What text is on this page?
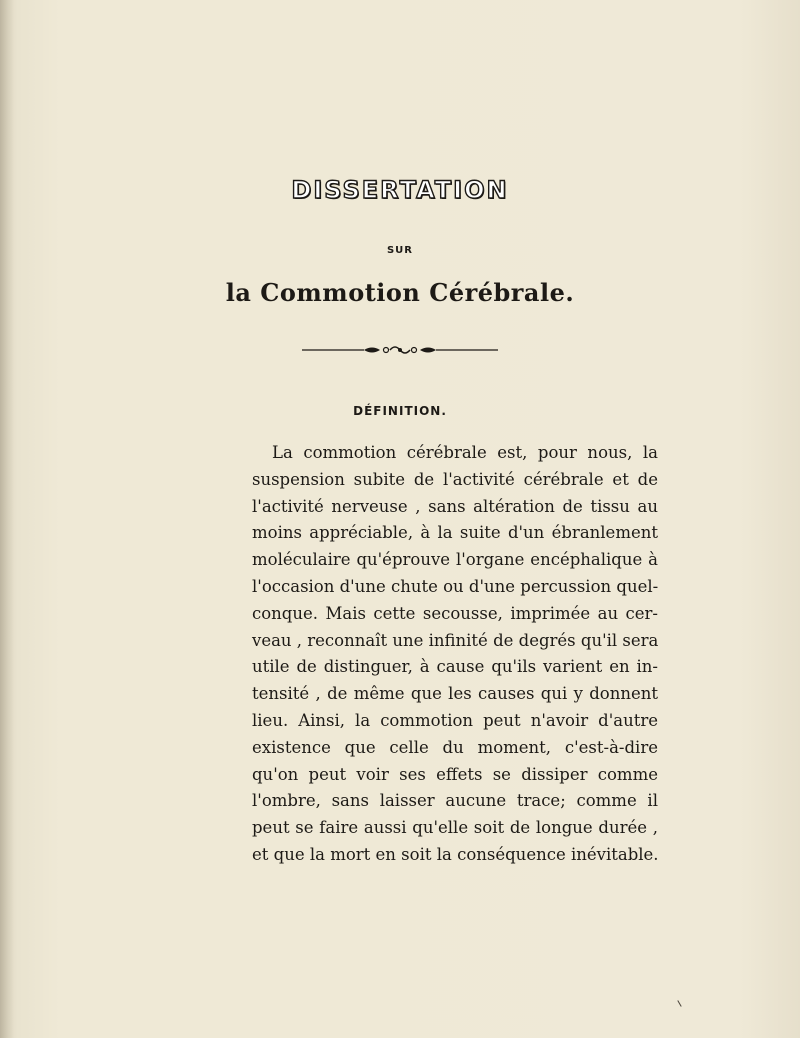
DISSERTATION
SUR
la Commotion Cérébrale.
DÉFINITION.
La commotion cérébrale est, pour nous, la
suspension subite de l'activité cérébrale et de
l'activité nerveuse , sans altération de tissu au
moins appréciable, à la suite d'un ébranlement
moléculaire qu'éprouve l'organe encéphalique à
l'occasion d'une chute ou d'une percussion quel-
conque. Mais cette secousse, imprimée au cer-
veau , reconnaît une infinité de degrés qu'il sera
utile de distinguer, à cause qu'ils varient en in-
tensité , de même que les causes qui y donnent
lieu. Ainsi, la commotion peut n'avoir d'autre
existence que celle du moment, c'est-à-dire
qu'on peut voir ses effets se dissiper comme
l'ombre, sans laisser aucune trace; comme il
peut se faire aussi qu'elle soit de longue durée ,
et que la mort en soit la conséquence inévitable.
